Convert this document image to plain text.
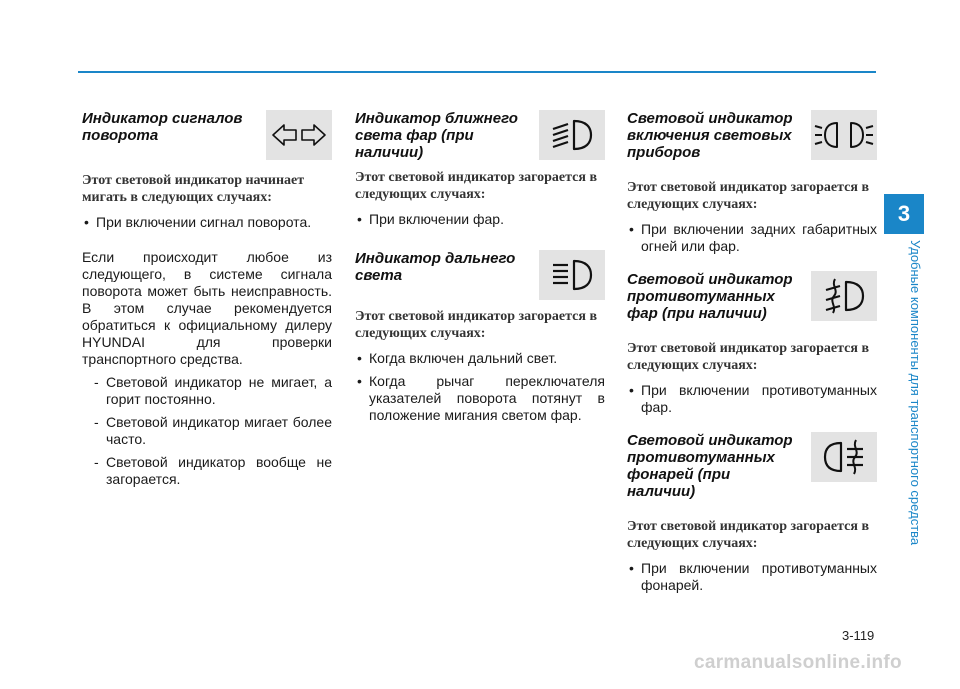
Индикатор сигналов поворота
Этот световой индикатор начинает мигать в следующих случаях:
• При включении сигнал поворота.

Если происходит любое из следующего, в системе сигнала поворота может быть неисправность. В этом случае рекомендуется обратиться к официальному дилеру HYUNDAI для проверки транспортного средства.

- Световой индикатор не мигает, а горит постоянно.
- Световой индикатор мигает более часто.
- Световой индикатор вообще не загорается.
Индикатор ближнего света фар (при наличии)
Этот световой индикатор загорается в следующих случаях:
• При включении фар.
Индикатор дальнего света
Этот световой индикатор загорается в следующих случаях:
• Когда включен дальний свет.
• Когда рычаг переключателя указателей поворота потянут в положение мигания светом фар.
Световой индикатор включения световых приборов
Этот световой индикатор загорается в следующих случаях:
• При включении задних габаритных огней или фар.
Световой индикатор противотуманных фар (при наличии)
Этот световой индикатор загорается в следующих случаях:
• При включении противотуманных фар.
Световой индикатор противотуманных фонарей (при наличии)
Этот световой индикатор загорается в следующих случаях:
• При включении противотуманных фонарей.
3
Удобные компоненты для транспортного средства
3-119
carmanualsonline.info
